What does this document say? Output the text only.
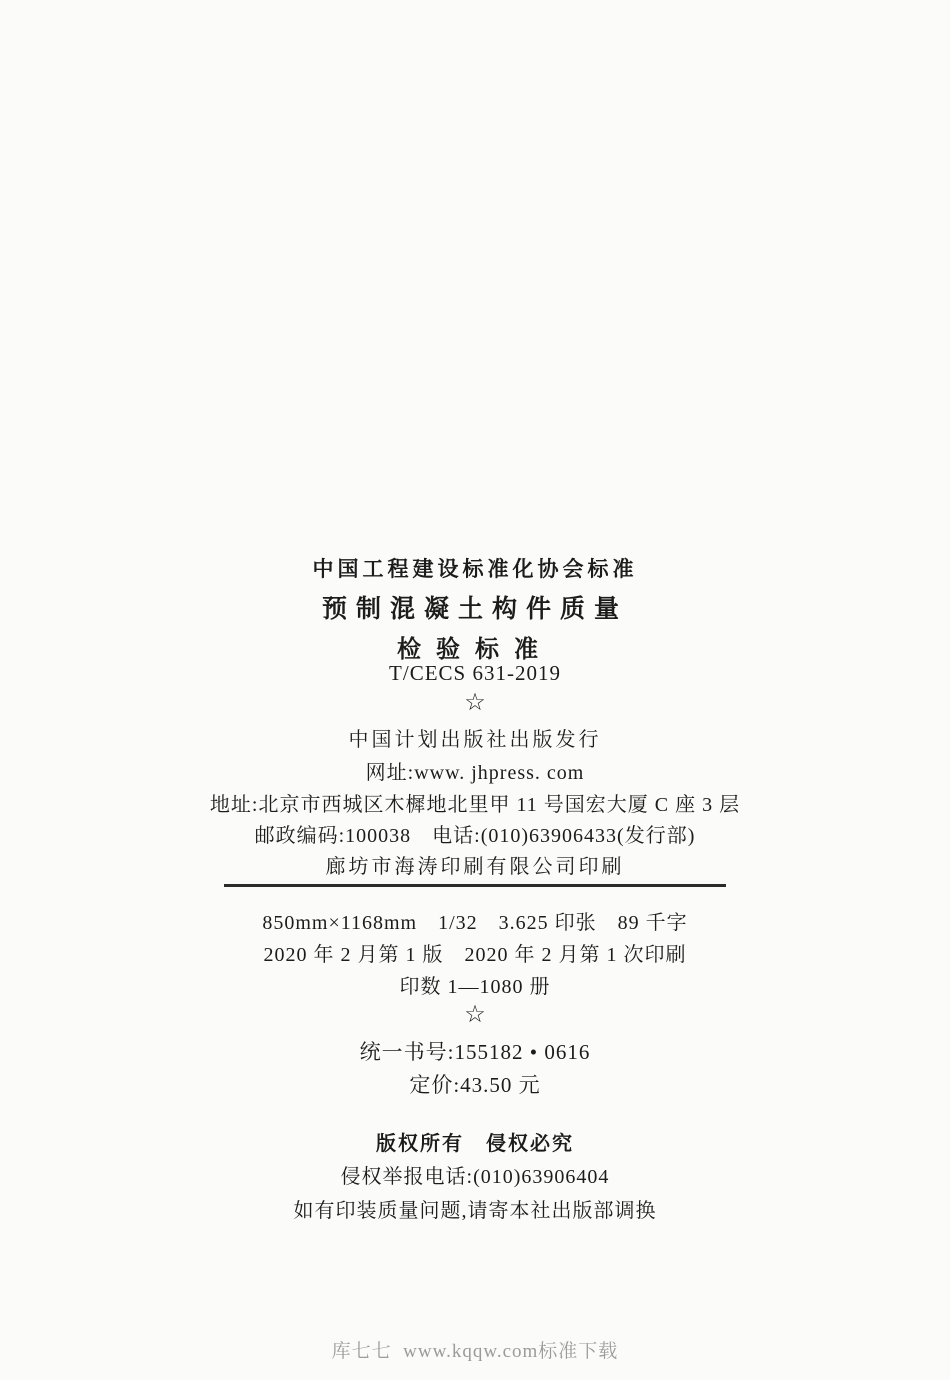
中国工程建设标准化协会标准
预制混凝土构件质量
检验标准
T/CECS 631-2019
☆
中国计划出版社出版发行
网址:www. jhpress. com
地址:北京市西城区木樨地北里甲 11 号国宏大厦 C 座 3 层
邮政编码:100038　电话:(010)63906433(发行部)
廊坊市海涛印刷有限公司印刷
850mm×1168mm　1/32　3.625 印张　89 千字
2020 年 2 月第 1 版　2020 年 2 月第 1 次印刷
印数 1—1080 册
☆
统一书号:155182 • 0616
定价:43.50 元
版权所有　侵权必究
侵权举报电话:(010)63906404
如有印装质量问题,请寄本社出版部调换
库七七  www.kqqw.com标准下载
